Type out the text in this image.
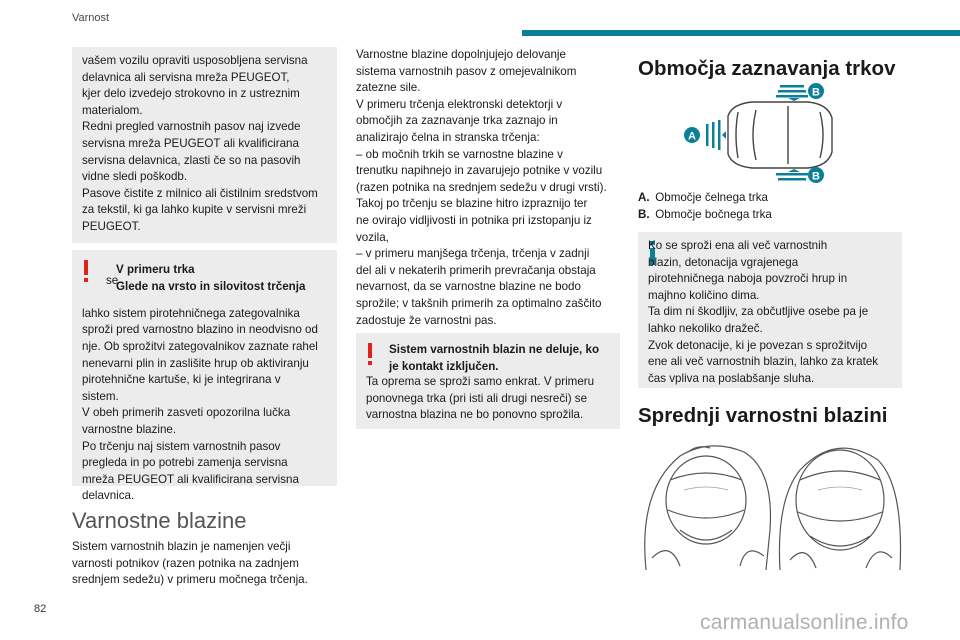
Varnost
82
carmanualsonline.info

vašem vozilu opraviti usposobljena servisna
delavnica ali servisna mreža PEUGEOT,
kjer delo izvedejo strokovno in z ustreznim
materialom.
Redni pregled varnostnih pasov naj izvede
servisna mreža PEUGEOT ali kvalificirana
servisna delavnica, zlasti če so na pasovih
vidne sledi poškodb.
Pasove čistite z milnico ali čistilnim sredstvom
za tekstil, ki ga lahko kupite v servisni mreži
PEUGEOT.

V primeru trka
Glede na vrsto in silovitost trčenja
se

lahko sistem pirotehničnega zategovalnika
sproži pred varnostno blazino in neodvisno od
nje. Ob sprožitvi zategovalnikov zaznate rahel
nenevarni plin in zaslišite hrup ob aktiviranju
pirotehnične kartuše, ki je integrirana v
sistem.
V obeh primerih zasveti opozorilna lučka
varnostne blazine.
Po trčenju naj sistem varnostnih pasov
pregleda in po potrebi zamenja servisna
mreža PEUGEOT ali kvalificirana servisna
delavnica.

Varnostne blazine

Sistem varnostnih blazin je namenjen večji
varnosti potnikov (razen potnika na zadnjem
srednjem sedežu) v primeru močnega trčenja.

Varnostne blazine dopolnjujejo delovanje
sistema varnostnih pasov z omejevalnikom
zatezne sile.
V primeru trčenja elektronski detektorji v
območjih za zaznavanje trka zaznajo in
analizirajo čelna in stranska trčenja:
– ob močnih trkih se varnostne blazine v
trenutku napihnejo in zavarujejo potnike v vozilu
(razen potnika na srednjem sedežu v drugi vrsti).
Takoj po trčenju se blazine hitro izpraznijo ter
ne ovirajo vidljivosti in potnika pri izstopanju iz
vozila,
– v primeru manjšega trčenja, trčenja v zadnji
del ali v nekaterih primerih prevračanja obstaja
nevarnost, da se varnostne blazine ne bodo
sprožile; v takšnih primerih za optimalno zaščito
zadostuje že varnostni pas.

Sistem varnostnih blazin ne deluje, ko
je kontakt izključen.

Ta oprema se sproži samo enkrat. V primeru
ponovnega trka (pri isti ali drugi nesreči) se
varnostna blazina ne bo ponovno sprožila.

Območja zaznavanja trkov
A
B
B
A. Območje čelnega trka
B. Območje bočnega trka

Ko se sproži ena ali več varnostnih
blazin, detonacija vgrajenega
pirotehničnega naboja povzroči hrup in
majhno količino dima.
Ta dim ni škodljiv, za občutljive osebe pa je
lahko nekoliko dražeč.
Zvok detonacije, ki je povezan s sprožitvijo
ene ali več varnostnih blazin, lahko za kratek
čas vpliva na poslabšanje sluha.

Sprednji varnostni blazini
